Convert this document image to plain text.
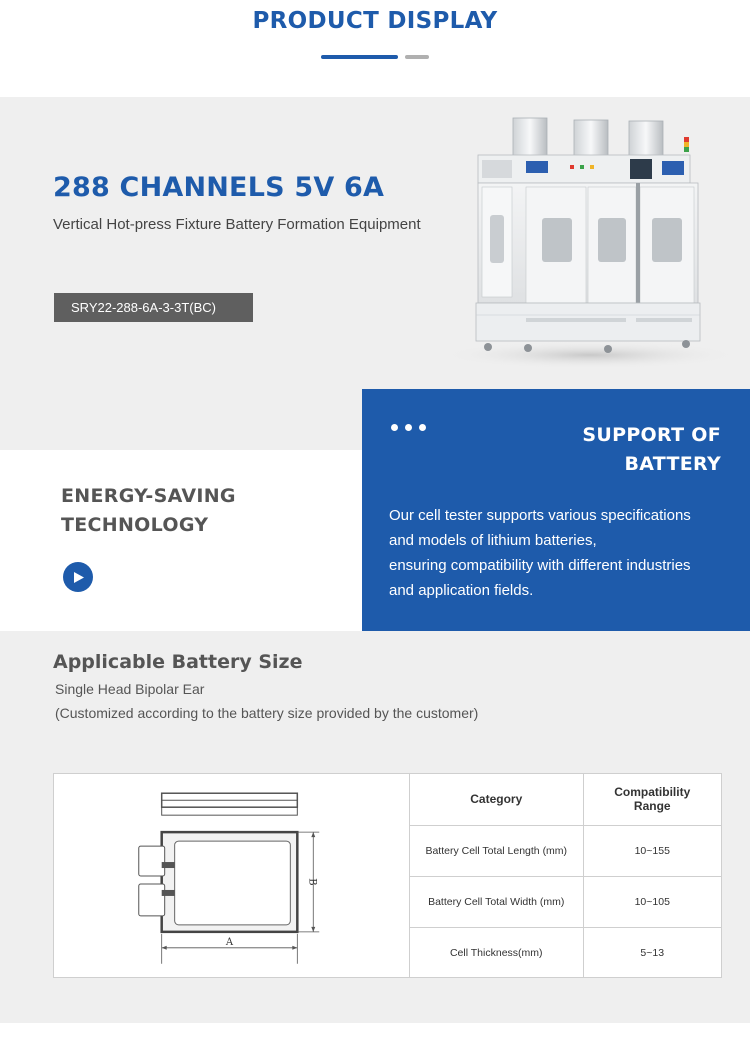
PRODUCT DISPLAY
288 CHANNELS 5V 6A
Vertical Hot-press Fixture Battery Formation Equipment
SRY22-288-6A-3-3T(BC)
ENERGY-SAVING
TECHNOLOGY
SUPPORT OF
BATTERY
Our cell tester supports various specifications
and models of lithium batteries,
ensuring compatibility with different industries
and application fields.
Applicable Battery Size
Single Head Bipolar Ear
(Customized according to the battery size provided by the customer)
A
B
Category	Compatibility Range

Battery Cell Total Length (mm)	10~155
Battery Cell Total Width (mm)	10~105
Cell Thickness(mm)	5~13
